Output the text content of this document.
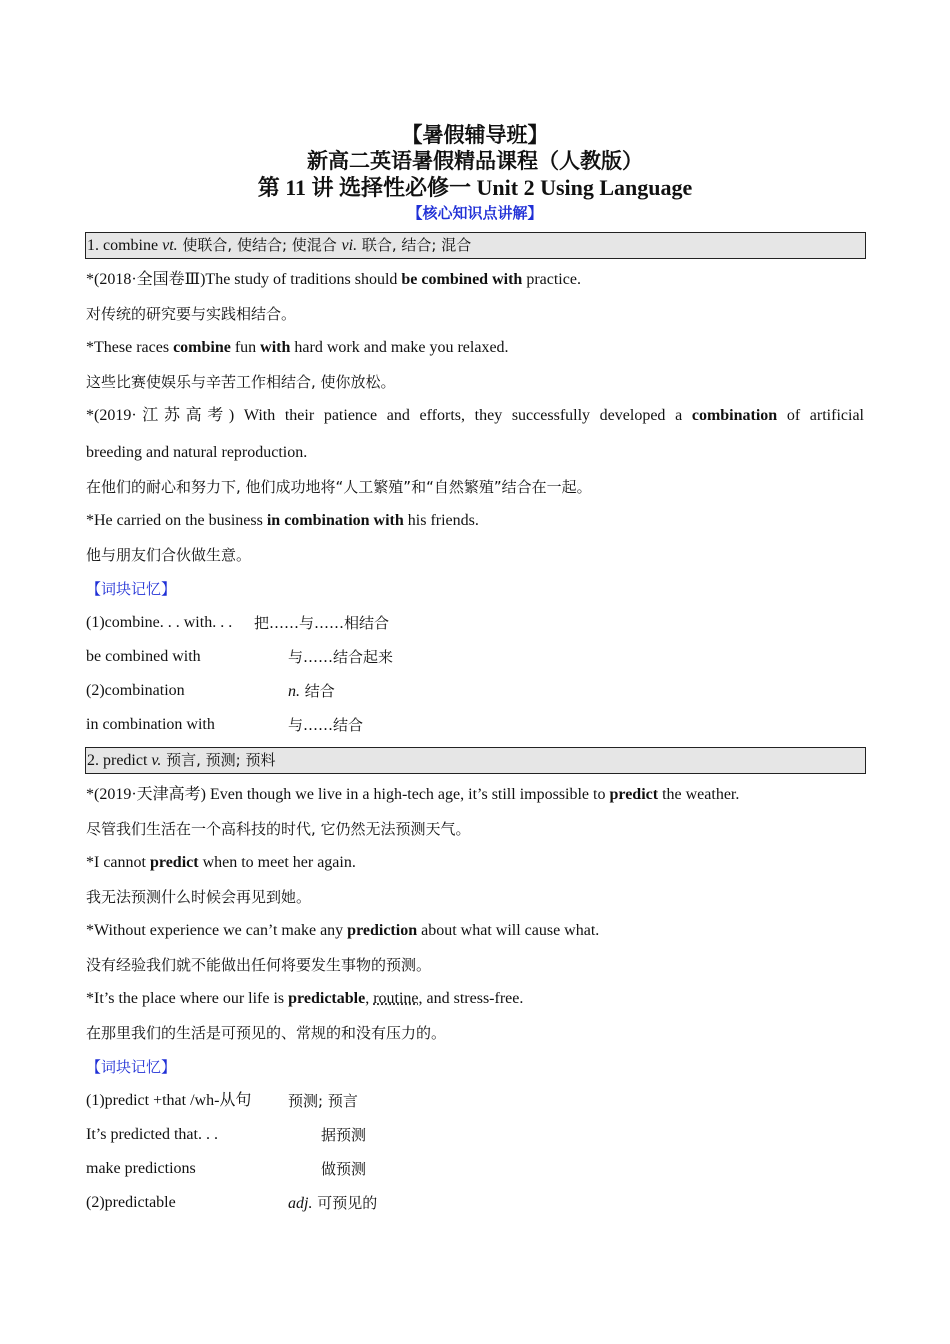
【暑假辅导班】
新高二英语暑假精品课程（人教版）
第 11 讲 选择性必修一 Unit 2 Using Language
【核心知识点讲解】
1. combine vt. 使联合, 使结合; 使混合 vi. 联合, 结合; 混合
*(2018·全国卷Ⅲ)The study of traditions should be combined with practice.
对传统的研究要与实践相结合。
*These races combine fun with hard work and make you relaxed.
这些比赛使娱乐与辛苦工作相结合, 使你放松。
*(2019·江苏高考) With their patience and efforts, they successfully developed a combination of artificial
breeding and natural reproduction.
在他们的耐心和努力下, 他们成功地将“人工繁殖”和“自然繁殖”结合在一起。
*He carried on the business in combination with his friends.
他与朋友们合伙做生意。
【词块记忆】
(1)combine. . . with. . . 把……与……相结合
be combined with	与……结合起来
(2)combination	n. 结合
in combination with	与……结合
2. predict v. 预言, 预测; 预料
*(2019·天津高考) Even though we live in a high-tech age, it’s still impossible to predict the weather.
尽管我们生活在一个高科技的时代, 它仍然无法预测天气。
*I cannot predict when to meet her again.
我无法预测什么时候会再见到她。
*Without experience we can’t make any prediction about what will cause what.
没有经验我们就不能做出任何将要发生事物的预测。
*It’s the place where our life is predictable, routine, and stress-free.
在那里我们的生活是可预见的、常规的和没有压力的。
【词块记忆】
(1)predict +that /wh-从句 预测; 预言
It’s predicted that. . .	据预测
make predictions	做预测
(2)predictable	adj. 可预见的
